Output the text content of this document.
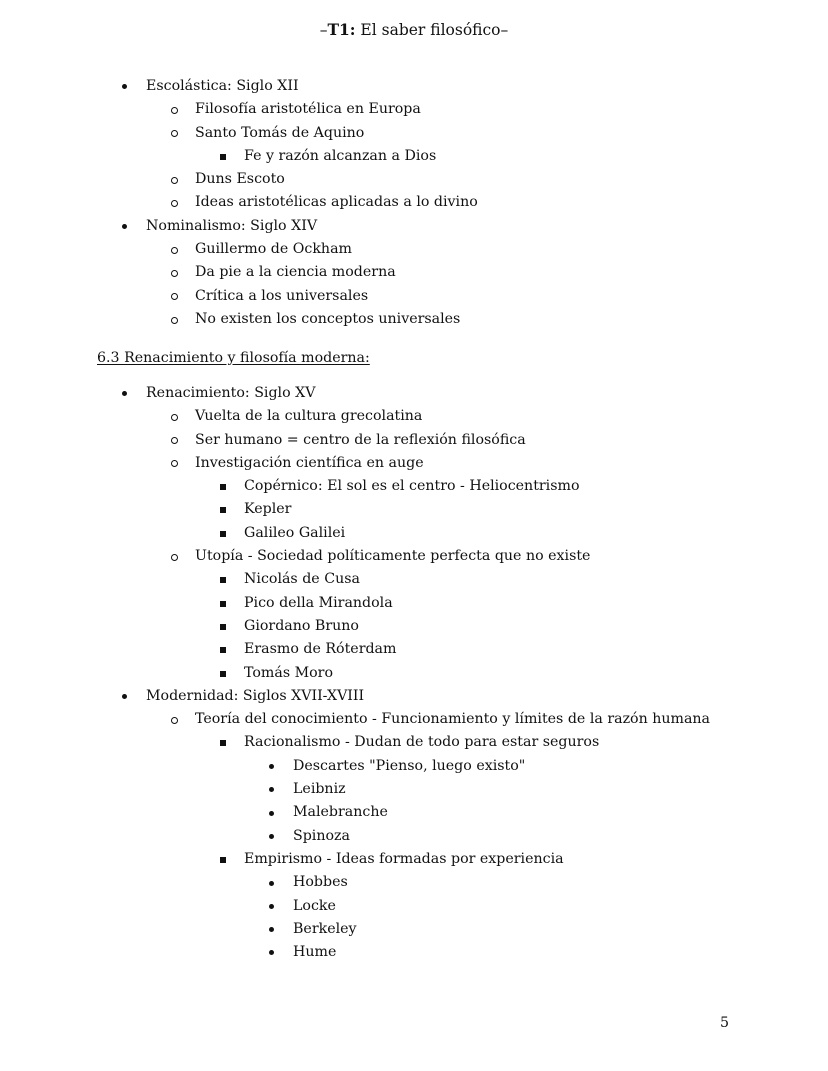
–T1: El saber filosófico–
Escolástica: Siglo XII
Filosofía aristotélica en Europa
Santo Tomás de Aquino
Fe y razón alcanzan a Dios
Duns Escoto
Ideas aristotélicas aplicadas a lo divino
Nominalismo: Siglo XIV
Guillermo de Ockham
Da pie a la ciencia moderna
Crítica a los universales
No existen los conceptos universales
6.3 Renacimiento y filosofía moderna:
Renacimiento: Siglo XV
Vuelta de la cultura grecolatina
Ser humano = centro de la reflexión filosófica
Investigación científica en auge
Copérnico: El sol es el centro - Heliocentrismo
Kepler
Galileo Galilei
Utopía - Sociedad políticamente perfecta que no existe
Nicolás de Cusa
Pico della Mirandola
Giordano Bruno
Erasmo de Róterdam
Tomás Moro
Modernidad: Siglos XVII-XVIII
Teoría del conocimiento - Funcionamiento y límites de la razón humana
Racionalismo - Dudan de todo para estar seguros
Descartes "Pienso, luego existo"
Leibniz
Malebranche
Spinoza
Empirismo - Ideas formadas por experiencia
Hobbes
Locke
Berkeley
Hume
5
